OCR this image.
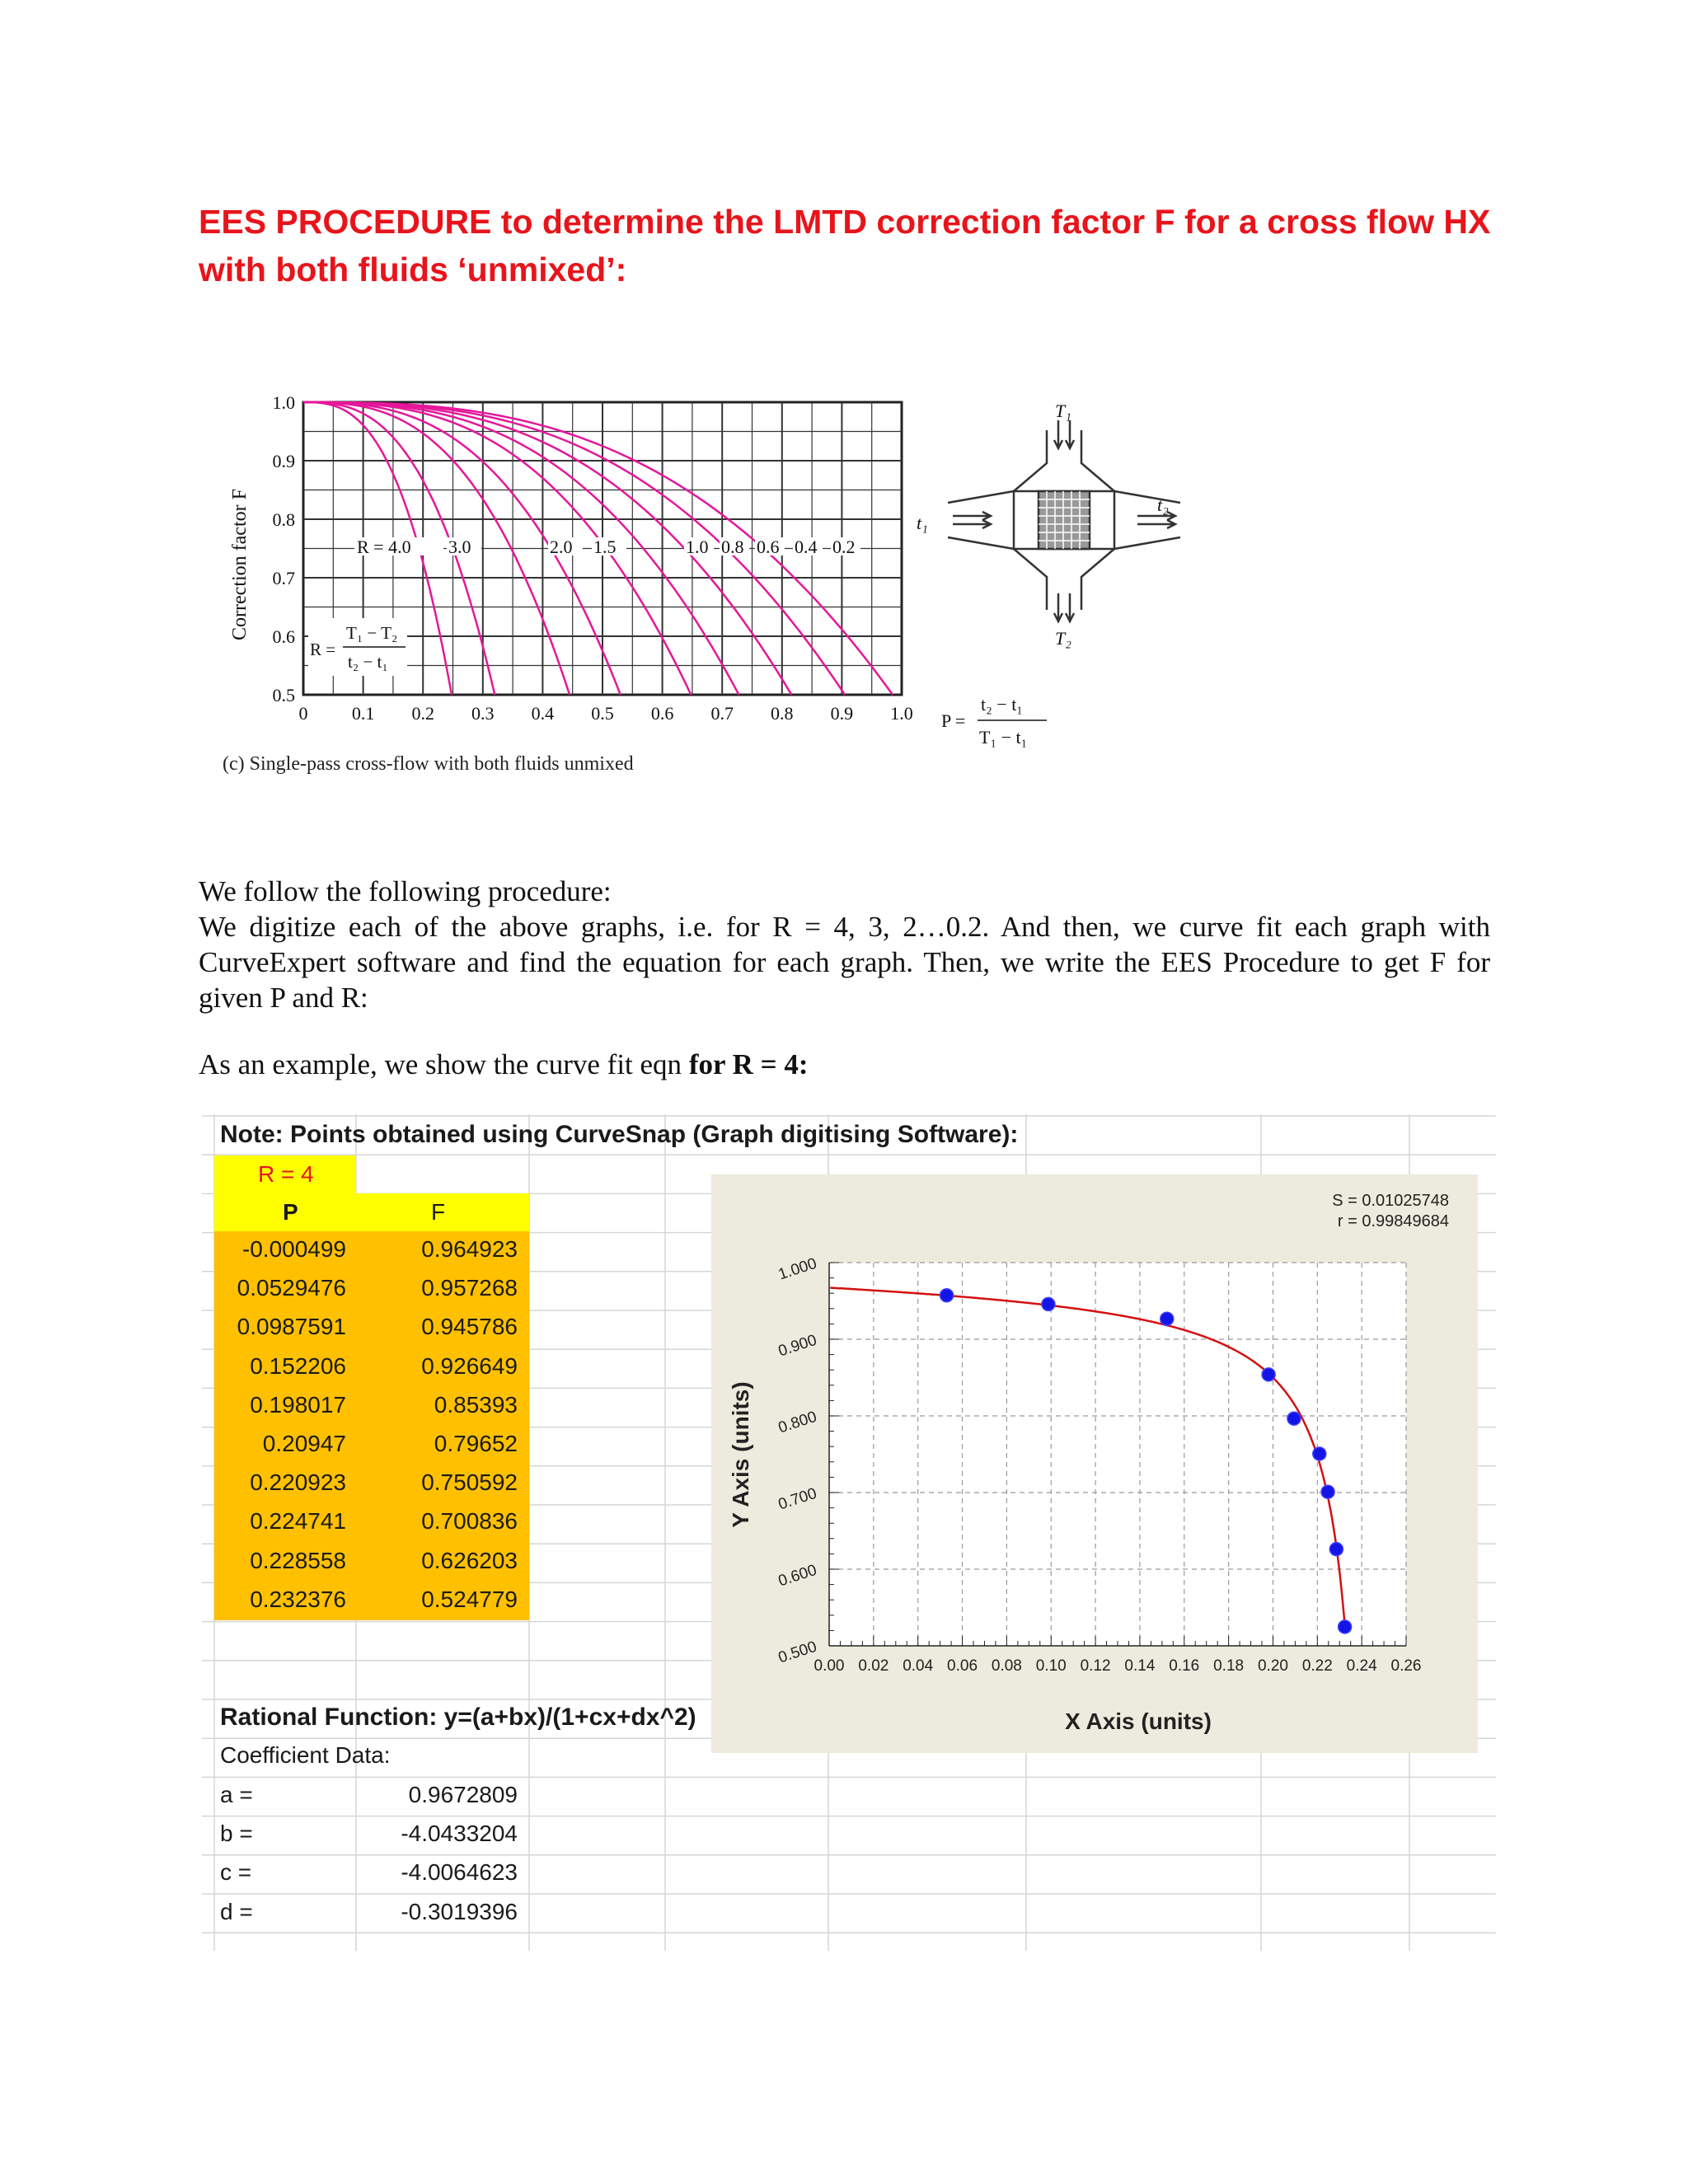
EES PROCEDURE to determine the LMTD correction factor F for a cross flow HX
with both fluids ‘unmixed’:
Correction factor F
1.0
0.9
0.8
0.7
0.6
0.5
0 0.1 0.2 0.3 0.4 0.5 0.6 0.7 0.8 0.9 1.0
R = 4.0 3.0	2.0 1.5	1.0 0.8 0.6 0.4 0.2
R =
T₁ − T₂
t₂ − t₁
P =
t₂ − t₁
T₁ − t₁
T₁
T₂
t₁
t₂
(c) Single-pass cross-flow with both fluids unmixed
We follow the following procedure:
We digitize each of the above graphs, i.e. for R = 4, 3, 2…0.2. And then, we curve fit each graph with CurveExpert software and find the equation for each graph. Then, we write the EES Procedure to get F for given P and R:
As an example, we show the curve fit eqn for R = 4:
Note: Points obtained using CurveSnap (Graph digitising Software):
R = 4
P	F
-0.000499	0.964923
0.0529476	0.957268
0.0987591	0.945786
0.152206	0.926649
0.198017	0.85393
0.20947	0.79652
0.220923	0.750592
0.224741	0.700836
0.228558	0.626203
0.232376	0.524779
Rational Function: y=(a+bx)/(1+cx+dx^2)
Coefficient Data:
a =	0.9672809
b =	-4.0433204
c =	-4.0064623
d =	-0.3019396
0.500
0.600
0.700
0.800
0.900
1.000
0.00 0.02 0.04 0.06 0.08 0.10 0.12 0.14 0.16 0.18 0.20 0.22 0.24 0.26
S = 0.01025748
r = 0.99849684
X Axis (units)
Y Axis (units)
